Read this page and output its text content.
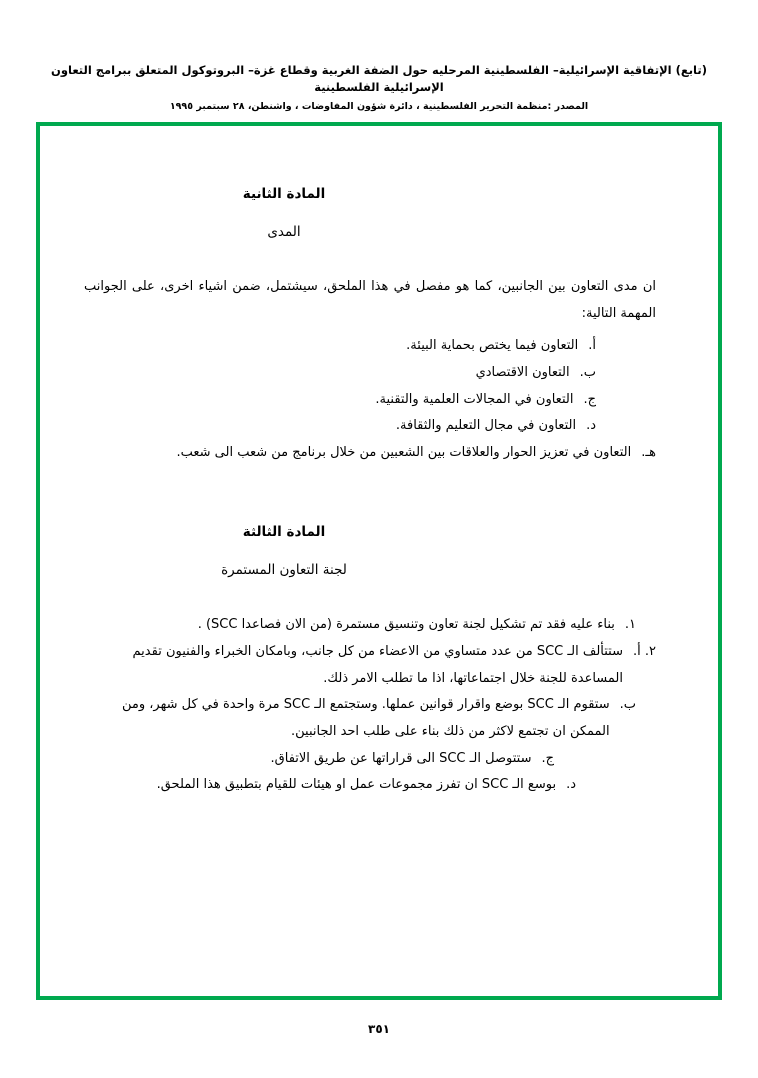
(تابع) الإتفاقية الإسرائيلية– الفلسطينية المرحليه حول الضفة الغربية وقطاع غزة– البروتوكول المتعلق ببرامج التعاون الإسرائيلية الفلسطينية
المصدر :منظمة التحرير الفلسطينية ، دائرة شؤون المفاوضات ، واشنطن، ٢٨ سبتمبر ١٩٩٥
المادة الثانية
المدى
ان مدى التعاون بين الجانبين، كما هو مفصل في هذا الملحق، سيشتمل، ضمن اشياء اخرى، على الجوانب المهمة التالية:
أ.
التعاون فيما يختص بحماية البيئة.
ب.
التعاون الاقتصادي
ج.
التعاون في المجالات العلمية والتقنية.
د.
التعاون في مجال التعليم والثقافة.
هـ.
التعاون في تعزيز الحوار والعلاقات بين الشعبين من خلال برنامج من شعب الى شعب.
المادة الثالثة
لجنة التعاون المستمرة
١.
بناء عليه فقد تم تشكيل لجنة تعاون وتنسيق مستمرة (من الان فصاعدا SCC) .
٢. أ.
ستتألف الـ SCC من عدد متساوي من الاعضاء من كل جانب، وبامكان الخبراء والفنيون تقديم المساعدة للجنة خلال اجتماعاتها، اذا ما تطلب الامر ذلك.
ب.
ستقوم الـ SCC بوضع واقرار قوانين عملها. وستجتمع الـ SCC مرة واحدة في كل شهر، ومن الممكن ان تجتمع لاكثر من ذلك بناء على طلب احد الجانبين.
ج.
ستتوصل الـ SCC الى قراراتها عن طريق الاتفاق.
د.
بوسع الـ SCC ان تفرز مجموعات عمل او هيئات للقيام بتطبيق هذا الملحق.
٣٥١
